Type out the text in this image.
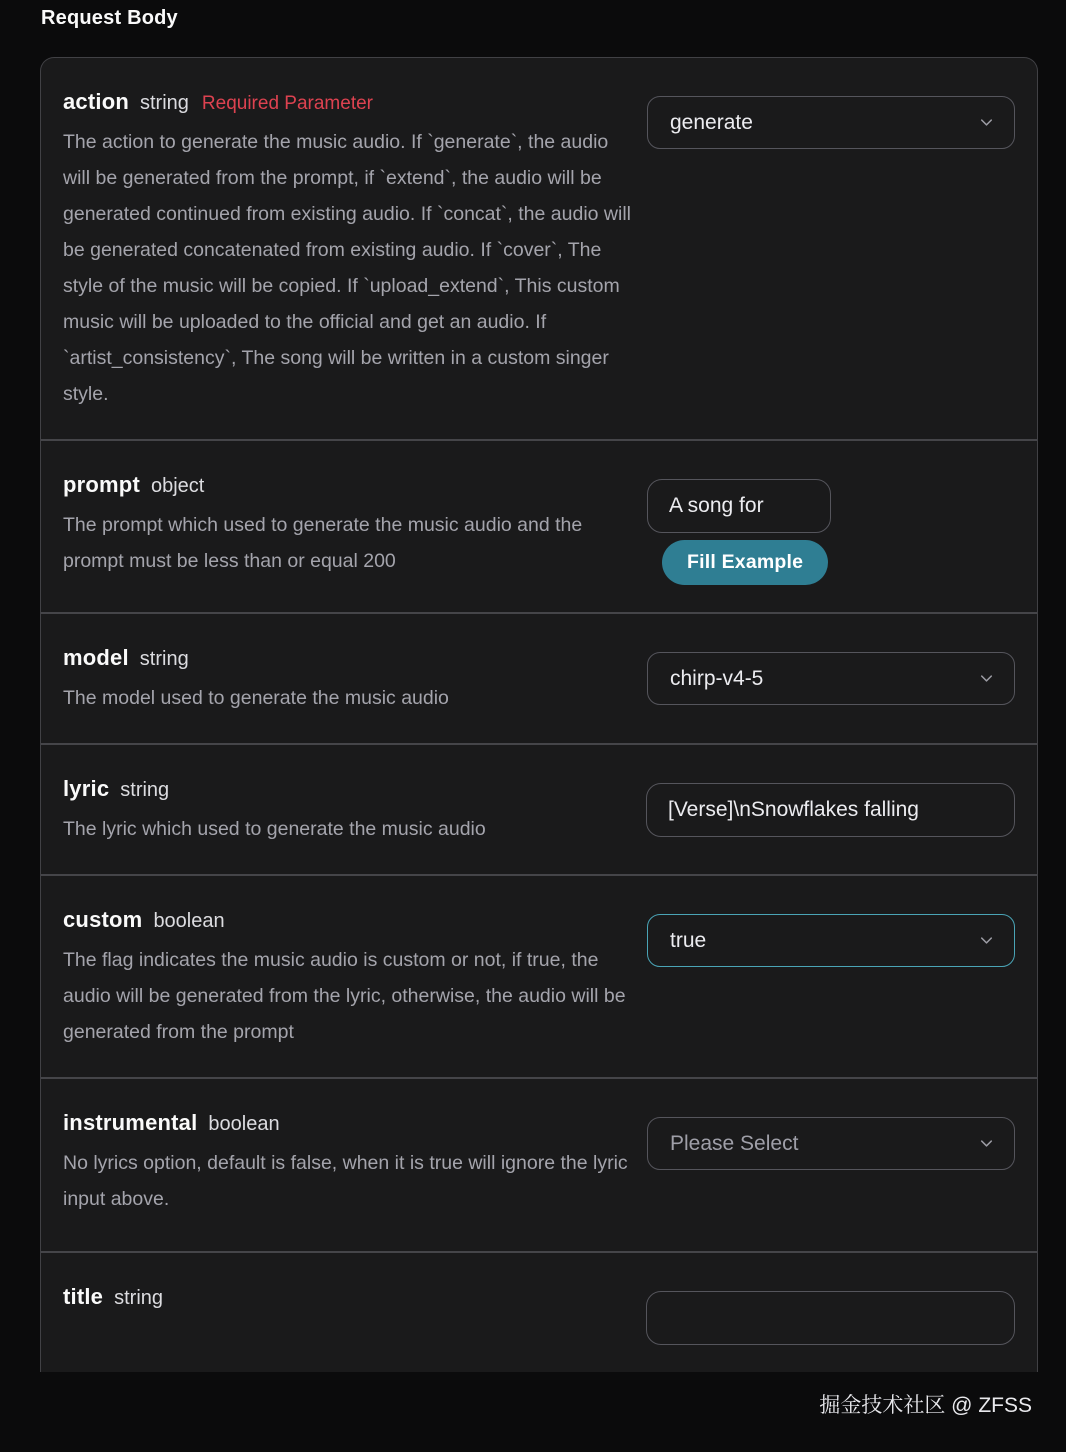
Request Body
action string Required Parameter
The action to generate the music audio. If `generate`, the audio will be generated from the prompt, if `extend`, the audio will be generated continued from existing audio. If `concat`, the audio will be generated concatenated from existing audio. If `cover`, The style of the music will be copied. If `upload_extend`, This custom music will be uploaded to the official and get an audio. If `artist_consistency`, The song will be written in a custom singer style.
generate
prompt object
The prompt which used to generate the music audio and the prompt must be less than or equal 200
A song for	Fill Example
model string
The model used to generate the music audio
chirp-v4-5
lyric string
The lyric which used to generate the music audio
[Verse]\nSnowflakes falling
custom boolean
The flag indicates the music audio is custom or not, if true, the audio will be generated from the lyric, otherwise, the audio will be generated from the prompt
true
instrumental boolean
No lyrics option, default is false, when it is true will ignore the lyric input above.
Please Select
title string
掘金技术社区 @ ZFSS
